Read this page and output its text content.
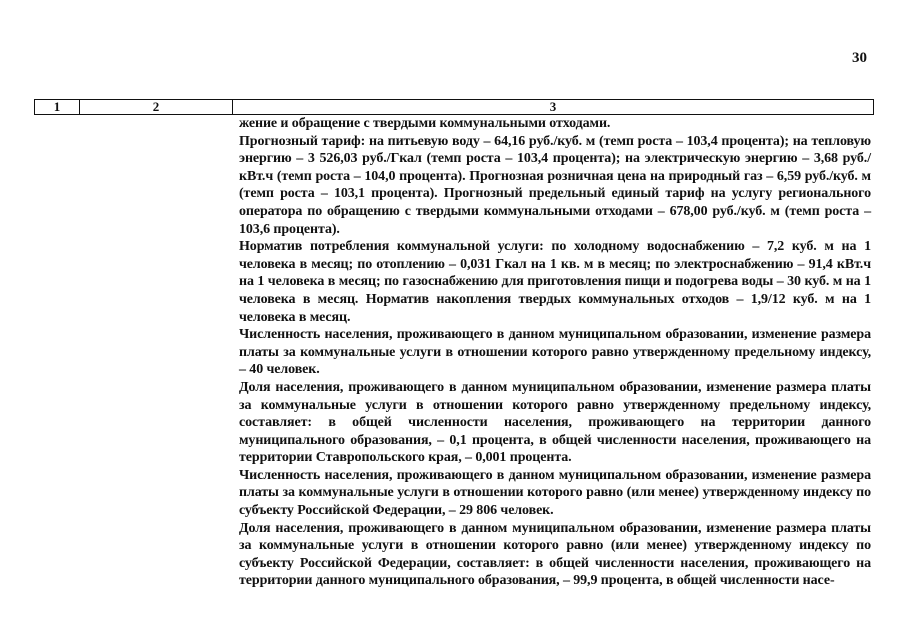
30
1	2	3

жение и обращение с твердыми коммунальными отходами.

Прогнозный тариф: на питьевую воду – 64,16 руб./куб. м (темп роста – 103,4 процента); на тепловую энергию – 3 526,03 руб./Гкал (темп роста – 103,4 процента); на электрическую энергию – 3,68 руб./кВт.ч (темп роста – 104,0 процента). Прогнозная розничная цена на природный газ – 6,59 руб./куб. м (темп роста – 103,1 процента). Прогнозный предельный единый тариф на услугу регионального оператора по обращению с твердыми коммунальными отходами – 678,00 руб./куб. м (темп роста – 103,6 процента).

Норматив потребления коммунальной услуги: по холодному водоснабжению – 7,2 куб. м на 1 человека в месяц; по отоплению – 0,031 Гкал на 1 кв. м в месяц; по электроснабжению – 91,4 кВт.ч на 1 человека в месяц; по газоснабжению для приготовления пищи и подогрева воды – 30 куб. м на 1 человека в месяц. Норматив накопления твердых коммунальных отходов – 1,9/12 куб. м на 1 человека в месяц.

Численность населения, проживающего в данном муниципальном образовании, изменение размера платы за коммунальные услуги в отношении которого равно утвержденному предельному индексу, – 40 человек.

Доля населения, проживающего в данном муниципальном образовании, изменение размера платы за коммунальные услуги в отношении которого равно утвержденному предельному индексу, составляет: в общей численности населения, проживающего на территории данного муниципального образования, – 0,1 процента, в общей численности населения, проживающего на территории Ставропольского края, – 0,001 процента.

Численность населения, проживающего в данном муниципальном образовании, изменение размера платы за коммунальные услуги в отношении которого равно (или менее) утвержденному индексу по субъекту Российской Федерации, – 29 806 человек.

Доля населения, проживающего в данном муниципальном образовании, изменение размера платы за коммунальные услуги в отношении которого равно (или менее) утвержденному индексу по субъекту Российской Федерации, составляет: в общей численности населения, проживающего на территории данного муниципального образования, – 99,9 процента, в общей численности насе-
